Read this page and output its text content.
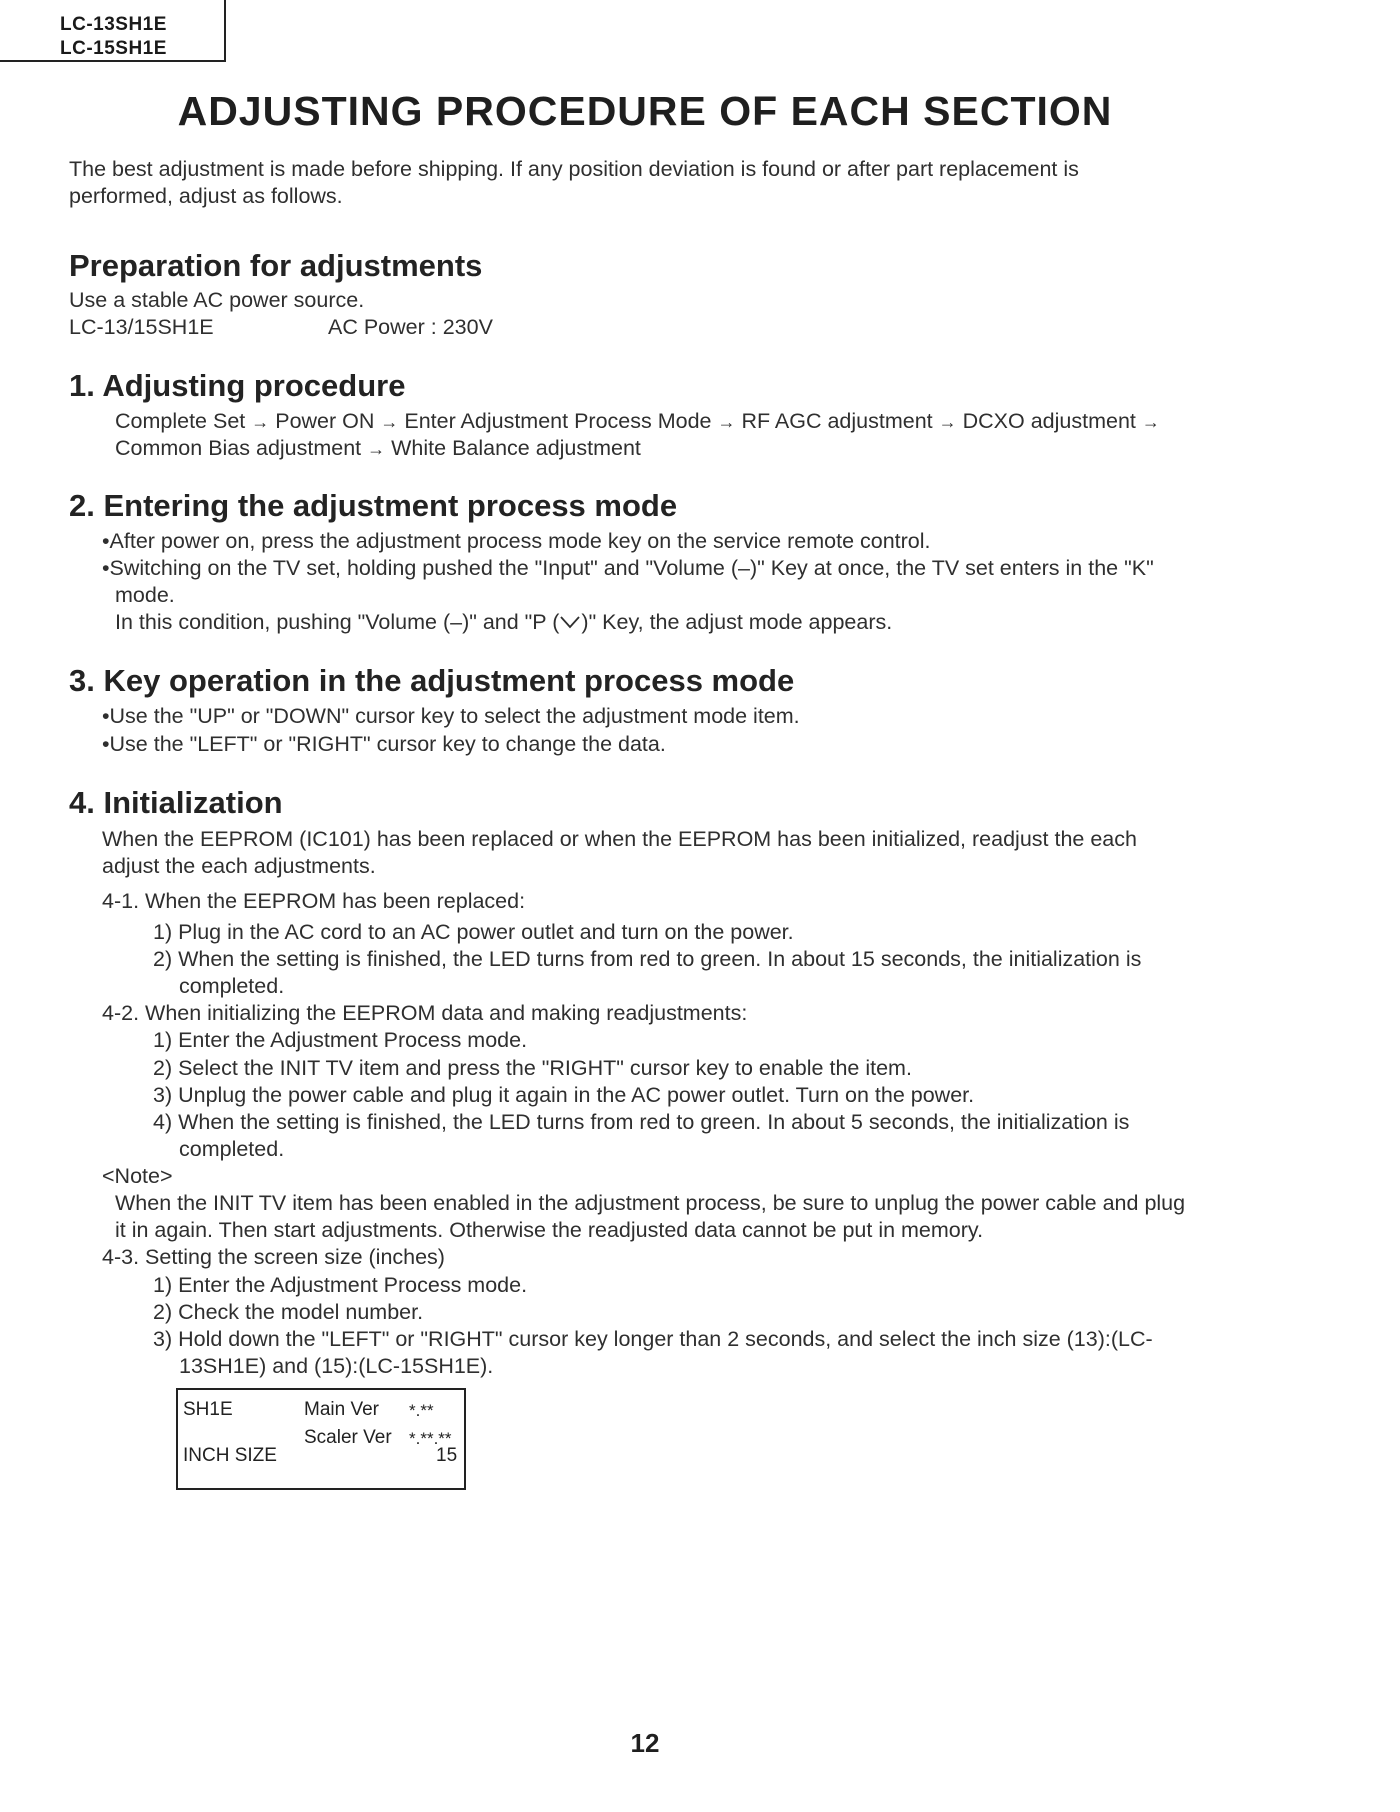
LC-13SH1E
LC-15SH1E
ADJUSTING PROCEDURE OF EACH SECTION

The best adjustment is made before shipping. If any position deviation is found or after part replacement is

performed, adjust as follows.

Preparation for adjustments

Use a stable AC power source.

LC-13/15SH1E	AC Power : 230V

1. Adjusting procedure

Complete Set → Power ON → Enter Adjustment Process Mode → RF AGC adjustment → DCXO adjustment →

Common Bias adjustment → White Balance adjustment

2. Entering the adjustment process mode

•After power on, press the adjustment process mode key on the service remote control.

•Switching on the TV set, holding pushed the "Input" and "Volume (–)" Key at once, the TV set enters in the "K"

mode.

In this condition, pushing "Volume (–)" and "P ( )" Key, the adjust mode appears.

3. Key operation in the adjustment process mode

•Use the "UP" or "DOWN" cursor key to select the adjustment mode item.

•Use the "LEFT" or "RIGHT" cursor key to change the data.

4. Initialization

When the EEPROM (IC101) has been replaced or when the EEPROM has been initialized, readjust the each

adjust the each adjustments.

4-1. When the EEPROM has been replaced:

1) Plug in the AC cord to an AC power outlet and turn on the power.

2) When the setting is finished, the LED turns from red to green. In about 15 seconds, the initialization is

completed.

4-2. When initializing the EEPROM data and making readjustments:

1) Enter the Adjustment Process mode.

2) Select the INIT TV item and press the "RIGHT" cursor key to enable the item.

3) Unplug the power cable and plug it again in the AC power outlet. Turn on the power.

4) When the setting is finished, the LED turns from red to green. In about 5 seconds, the initialization is

completed.

<Note>

When the INIT TV item has been enabled in the adjustment process, be sure to unplug the power cable and plug

it in again. Then start adjustments. Otherwise the readjusted data cannot be put in memory.

4-3. Setting the screen size (inches)

1) Enter the Adjustment Process mode.

2) Check the model number.

3) Hold down the "LEFT" or "RIGHT" cursor key longer than 2 seconds, and select the inch size (13):(LC-

13SH1E) and (15):(LC-15SH1E).

SH1E	Main Ver *.**
Scaler Ver *.**.**
INCH SIZE	15
12
